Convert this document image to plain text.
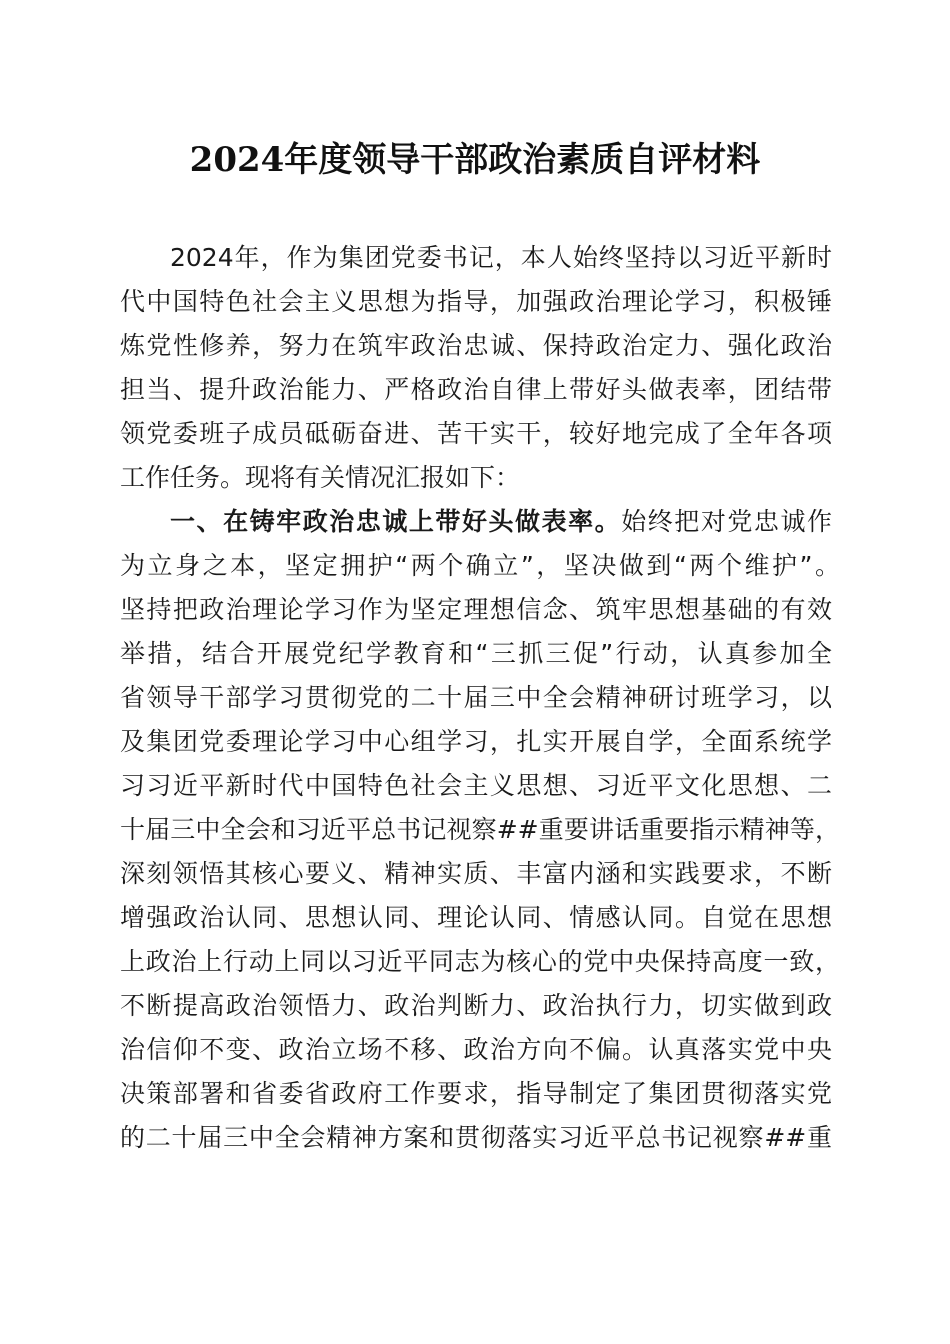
2024年度领导干部政治素质自评材料
2024年，作为集团党委书记，本人始终坚持以习近平新时
代中国特色社会主义思想为指导，加强政治理论学习，积极锤
炼党性修养，努力在筑牢政治忠诚、保持政治定力、强化政治
担当、提升政治能力、严格政治自律上带好头做表率，团结带
领党委班子成员砥砺奋进、苦干实干，较好地完成了全年各项
工作任务。现将有关情况汇报如下：
一、在铸牢政治忠诚上带好头做表率。始终把对党忠诚作
为立身之本，坚定拥护“两个确立”，坚决做到“两个维护”。
坚持把政治理论学习作为坚定理想信念、筑牢思想基础的有效
举措，结合开展党纪学教育和“三抓三促”行动，认真参加全
省领导干部学习贯彻党的二十届三中全会精神研讨班学习，以
及集团党委理论学习中心组学习，扎实开展自学，全面系统学
习习近平新时代中国特色社会主义思想、习近平文化思想、二
十届三中全会和习近平总书记视察##重要讲话重要指示精神等，
深刻领悟其核心要义、精神实质、丰富内涵和实践要求，不断
增强政治认同、思想认同、理论认同、情感认同。自觉在思想
上政治上行动上同以习近平同志为核心的党中央保持高度一致，
不断提高政治领悟力、政治判断力、政治执行力，切实做到政
治信仰不变、政治立场不移、政治方向不偏。认真落实党中央
决策部署和省委省政府工作要求，指导制定了集团贯彻落实党
的二十届三中全会精神方案和贯彻落实习近平总书记视察##重
